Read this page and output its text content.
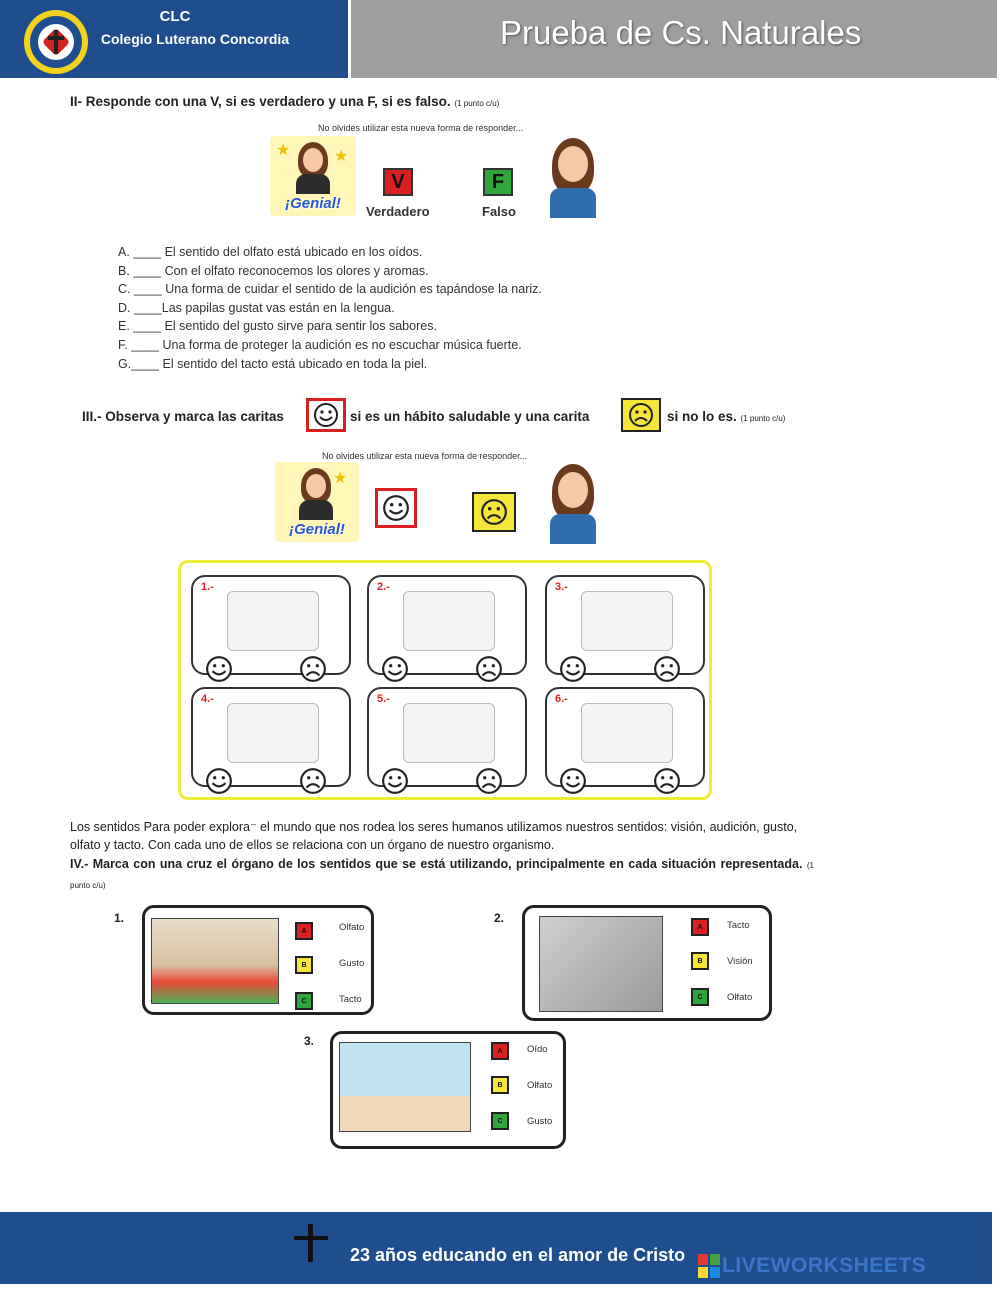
CLC
Colegio Luterano Concordia	Prueba de Cs. Naturales
II- Responde con una V, si es verdadero y una F, si es falso. (1 punto c/u)
No olvides utilizar esta nueva forma de responder...
★	★
¡Genial!
V
Verdadero
F
Falso
A. ____ El sentido del olfato está ubicado en los oídos.
B. ____ Con el olfato reconocemos los olores y aromas.
C. ____ Una forma de cuidar el sentido de la audición es tapándose la nariz.
D. ____Las papilas gustat vas están en la lengua.
E. ____ El sentido del gusto sirve para sentir los sabores.
F. ____ Una forma de proteger la audición es no escuchar música fuerte.
G.____ El sentido del tacto está ubicado en toda la piel.
III.- Observa y marca las caritas	si es un hábito saludable y una carita	si no lo es. (1 punto c/u)
No olvides utilizar esta nueva forma de responder...
★
¡Genial!
1.-	2.-	3.-
4.-	5.-	6.-
Los sentidos Para poder explora⁻ el mundo que nos rodea los seres humanos utilizamos nuestros sentidos: visión, audición, gusto, olfato y tacto. Con cada uno de ellos se relaciona con un órgano de nuestro organismo.
IV.- Marca con una cruz el órgano de los sentidos que se está utilizando, principalmente en cada situación representada. (1 punto c/u)
1.
A	Olfato
B	Gusto
C	Tacto
2.
A	Tacto
B	Visión
C	Olfato
3.
A	Oído
B	Olfato
C	Gusto
23 años educando en el amor de Cristo LIVEWORKSHEETS
